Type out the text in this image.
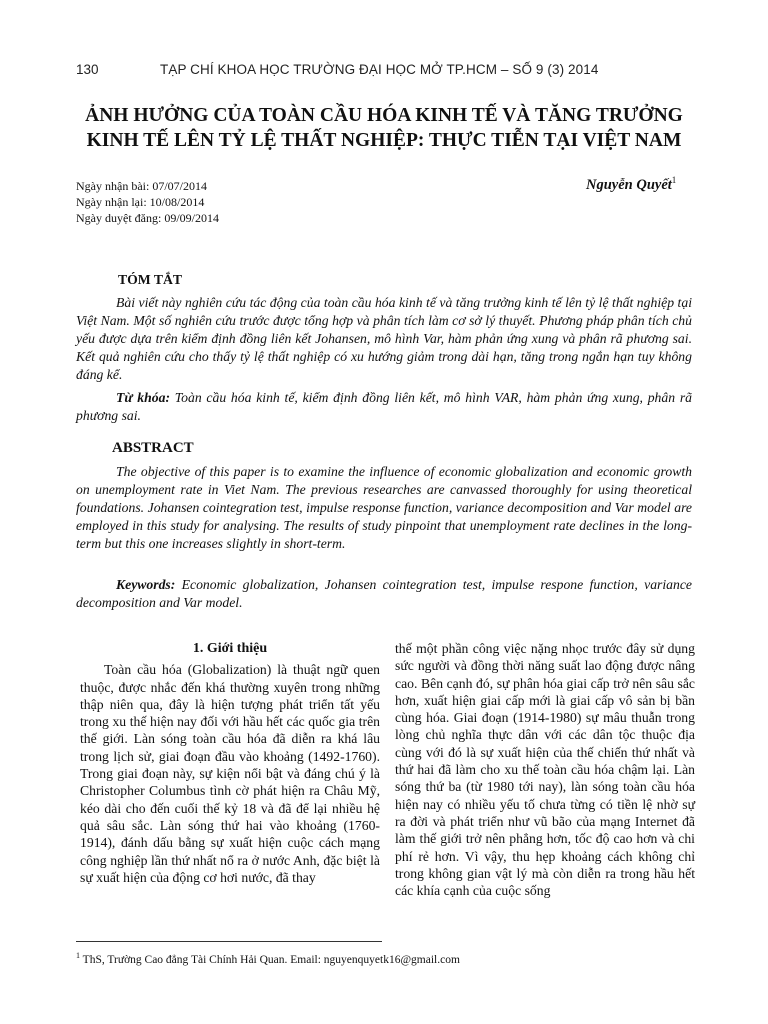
130	TẠP CHÍ KHOA HỌC TRƯỜNG ĐẠI HỌC MỞ TP.HCM – SỐ 9 (3) 2014
ẢNH HƯỞNG CỦA TOÀN CẦU HÓA KINH TẾ VÀ TĂNG TRƯỞNG
KINH TẾ LÊN TỶ LỆ THẤT NGHIỆP: THỰC TIỄN TẠI VIỆT NAM
Ngày nhận bài: 07/07/2014
Ngày nhận lại: 10/08/2014
Ngày duyệt đăng: 09/09/2014
Nguyễn Quyết$^1$
TÓM TẮT
Bài viết này nghiên cứu tác động của toàn cầu hóa kinh tế và tăng trưởng kinh tế lên tỷ lệ thất nghiệp tại Việt Nam. Một số nghiên cứu trước được tổng hợp và phân tích làm cơ sở lý thuyết. Phương pháp phân tích chủ yếu được dựa trên kiểm định đồng liên kết Johansen, mô hình Var, hàm phản ứng xung và phân rã phương sai. Kết quả nghiên cứu cho thấy tỷ lệ thất nghiệp có xu hướng giảm trong dài hạn, tăng trong ngắn hạn tuy không đáng kể.
Từ khóa: Toàn cầu hóa kinh tế, kiểm định đồng liên kết, mô hình VAR, hàm phản ứng xung, phân rã phương sai.
ABSTRACT
The objective of this paper is to examine the influence of economic globalization and economic growth on unemployment rate in Viet Nam. The previous researches are canvassed thoroughly for using theoretical foundations. Johansen cointegration test, impulse response function, variance decomposition and Var model are employed in this study for analysing. The results of study pinpoint that unemployment rate declines in the long-term but this one increases slightly in short-term.
Keywords: Economic globalization, Johansen cointegration test, impulse respone function, variance decomposition and Var model.
1. Giới thiệu

Toàn cầu hóa (Globalization) là thuật ngữ quen thuộc, được nhắc đến khá thường xuyên trong những thập niên qua, đây là hiện tượng phát triển tất yếu trong xu thế hiện nay đối với hầu hết các quốc gia trên thế giới. Làn sóng toàn cầu hóa đã diễn ra khá lâu trong lịch sử, giai đoạn đầu vào khoảng (1492-1760). Trong giai đoạn này, sự kiện nổi bật và đáng chú ý là Christopher Columbus tình cờ phát hiện ra Châu Mỹ, kéo dài cho đến cuối thế kỷ 18 và đã để lại nhiều hệ quả sâu sắc. Làn sóng thứ hai vào khoảng (1760-1914), đánh dấu bằng sự xuất hiện cuộc cách mạng công nghiệp lần thứ nhất nổ ra ở nước Anh, đặc biệt là sự xuất hiện của động cơ hơi nước, đã thay

thế một phần công việc nặng nhọc trước đây sử dụng sức người và đồng thời năng suất lao động được nâng cao. Bên cạnh đó, sự phân hóa giai cấp trở nên sâu sắc hơn, xuất hiện giai cấp mới là giai cấp vô sản bị bần cùng hóa. Giai đoạn (1914-1980) sự mâu thuẫn trong lòng chủ nghĩa thực dân với các dân tộc thuộc địa cùng với đó là sự xuất hiện của thế chiến thứ nhất và thứ hai đã làm cho xu thế toàn cầu hóa chậm lại. Làn sóng thứ ba (từ 1980 tới nay), làn sóng toàn cầu hóa hiện nay có nhiều yếu tố chưa từng có tiền lệ nhờ sự ra đời và phát triển như vũ bão của mạng Internet đã làm thế giới trở nên phẳng hơn, tốc độ cao hơn và chi phí rẻ hơn. Vì vậy, thu hẹp khoảng cách không chỉ trong không gian vật lý mà còn diễn ra trong hầu hết các khía cạnh của cuộc sống

$^1$ ThS, Trường Cao đẳng Tài Chính Hải Quan. Email: nguyenquyetk16@gmail.com
